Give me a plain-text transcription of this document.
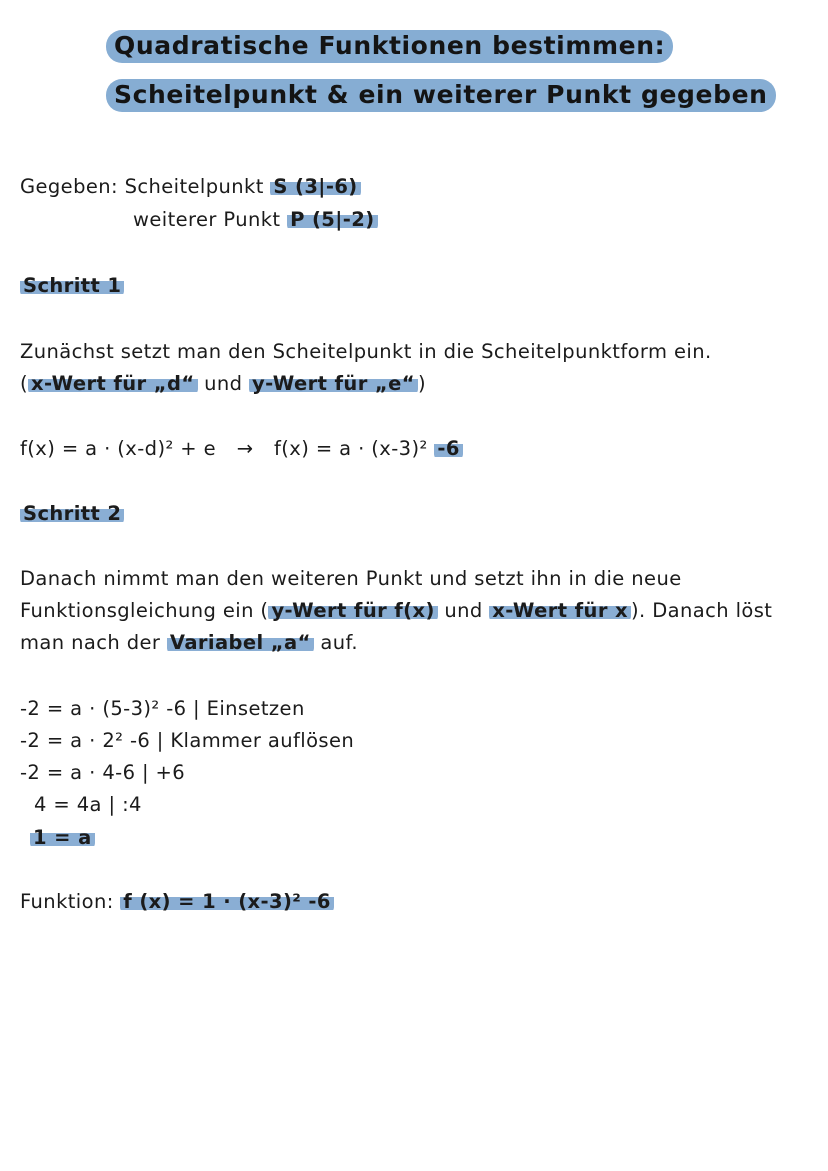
Quadratische Funktionen bestimmen:
Scheitelpunkt & ein weiterer Punkt gegeben
Gegeben: Scheitelpunkt S (3|-6)
weiterer Punkt P (5|-2)
Schritt 1
Zunächst setzt man den Scheitelpunkt in die Scheitelpunktform ein.
( x-Wert für „d“ und y-Wert für „e“ )
f(x) = a · (x-d)² + e → f(x) = a · (x-3)² -6
Schritt 2
Danach nimmt man den weiteren Punkt und setzt ihn in die neue
Funktionsgleichung ein ( y-Wert für f(x) und x-Wert für x ). Danach löst
man nach der Variabel „a“ auf.
-2 = a · (5-3)² -6 | Einsetzen
-2 = a · 2² -6 | Klammer auflösen
-2 = a · 4-6 | +6
4 = 4a | :4
1 = a
Funktion: f (x) = 1 · (x-3)² -6
